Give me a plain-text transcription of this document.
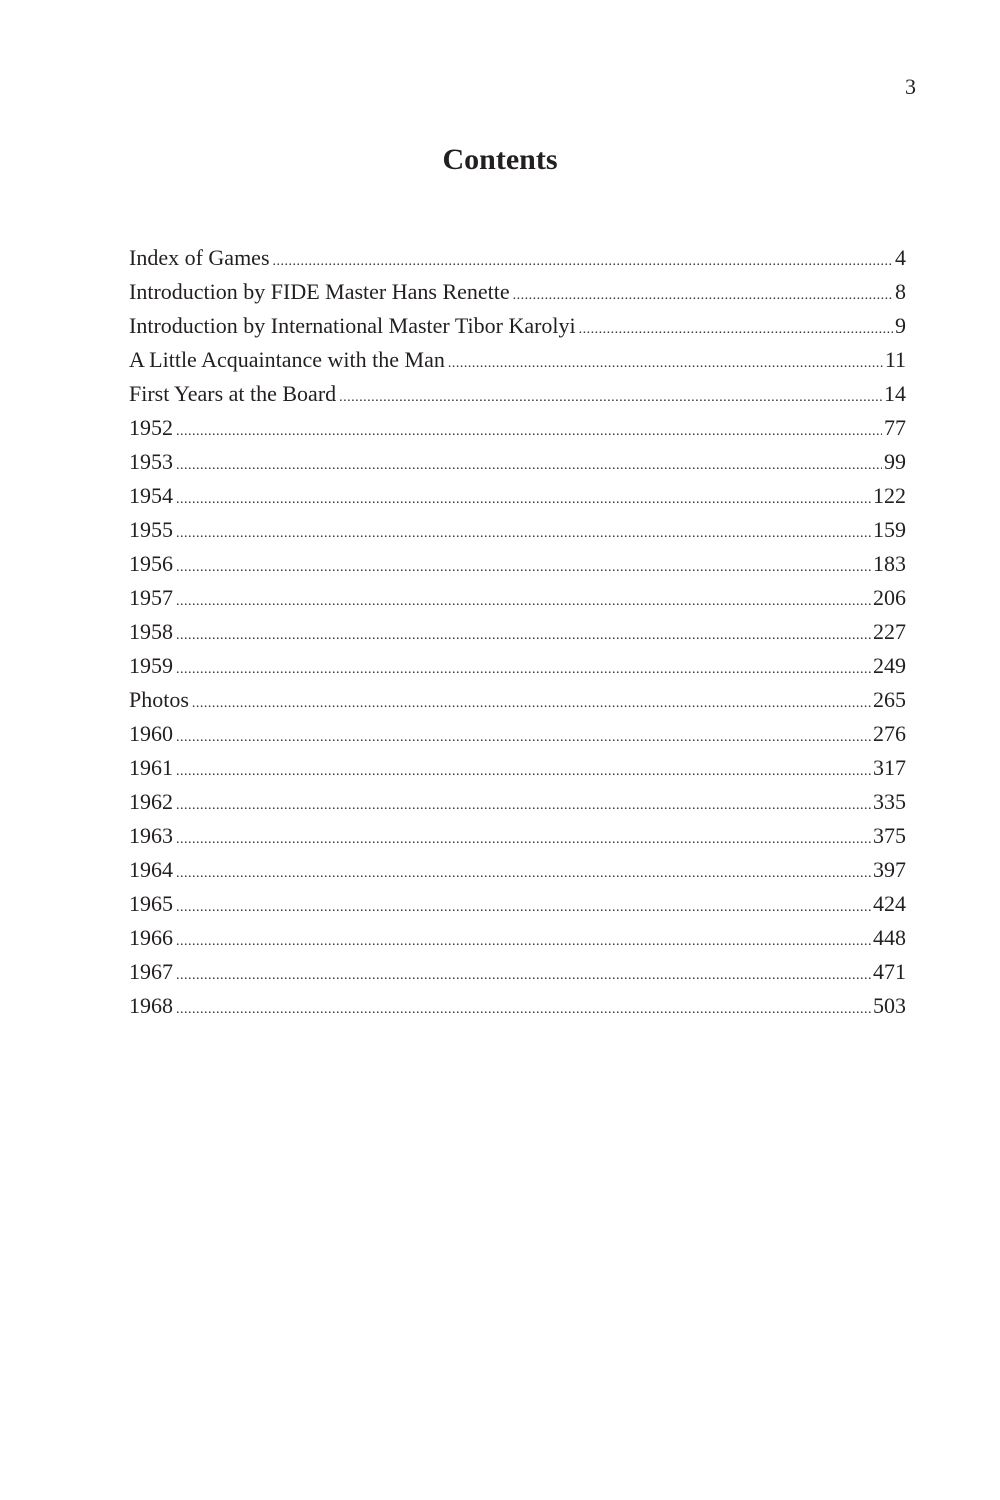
3
Contents
Index of Games .....	4
Introduction by FIDE Master Hans Renette .....	8
Introduction by International Master Tibor Karolyi .....	9
A Little Acquaintance with the Man .....	11
First Years at the Board .....	14
1952 .....	77
1953 .....	99
1954 .....	122
1955 .....	159
1956 .....	183
1957 .....	206
1958 .....	227
1959 .....	249
Photos .....	265
1960 .....	276
1961 .....	317
1962 .....	335
1963 .....	375
1964 .....	397
1965 .....	424
1966 .....	448
1967 .....	471
1968 .....	503
